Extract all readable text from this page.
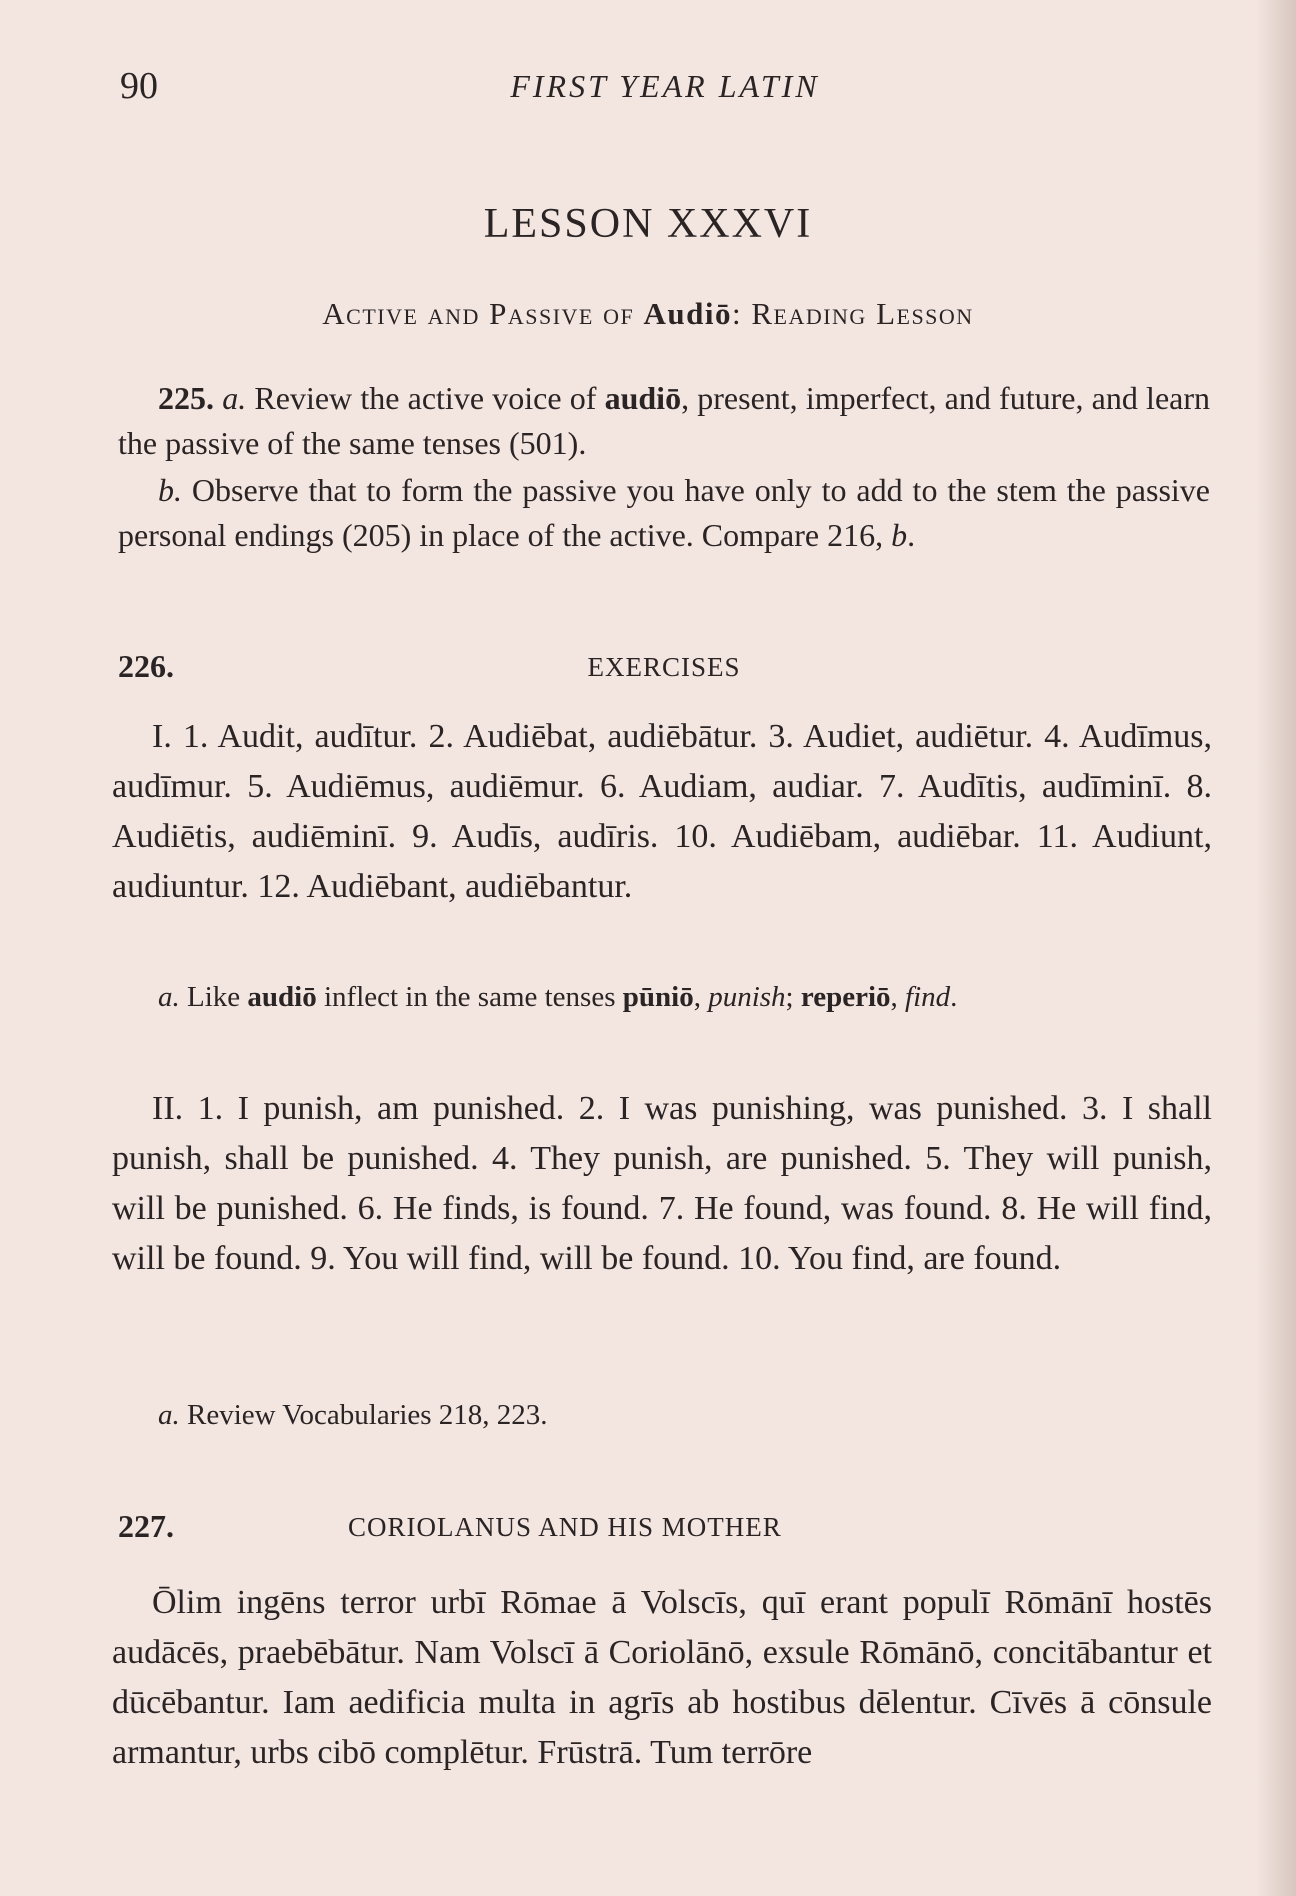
90	FIRST YEAR LATIN
LESSON XXXVI
Active and Passive of Audiō: Reading Lesson
225. a. Review the active voice of audiō, present, imperfect, and future, and learn the passive of the same tenses (501).
b. Observe that to form the passive you have only to add to the stem the passive personal endings (205) in place of the active. Compare 216, b.
226.	EXERCISES
I. 1. Audit, audītur. 2. Audiēbat, audiēbātur. 3. Audiet, audiētur. 4. Audīmus, audīmur. 5. Audiēmus, audiēmur. 6. Audiam, audiar. 7. Audītis, audīminī. 8. Audiētis, audiēminī. 9. Audīs, audīris. 10. Audiēbam, audiēbar. 11. Audiunt, audiuntur. 12. Audiēbant, audiēbantur.
a. Like audiō inflect in the same tenses pūniō, punish; reperiō, find.
II. 1. I punish, am punished. 2. I was punishing, was punished. 3. I shall punish, shall be punished. 4. They punish, are punished. 5. They will punish, will be punished. 6. He finds, is found. 7. He found, was found. 8. He will find, will be found. 9. You will find, will be found. 10. You find, are found.
a. Review Vocabularies 218, 223.
227.	CORIOLANUS AND HIS MOTHER
Ōlim ingēns terror urbī Rōmae ā Volscīs, quī erant populī Rōmānī hostēs audācēs, praebēbātur. Nam Volscī ā Coriolānō, exsule Rōmānō, concitābantur et dūcēbantur. Iam aedificia multa in agrīs ab hostibus dēlentur. Cīvēs ā cōnsule armantur, urbs cibō complētur. Frūstrā. Tum terrōre
